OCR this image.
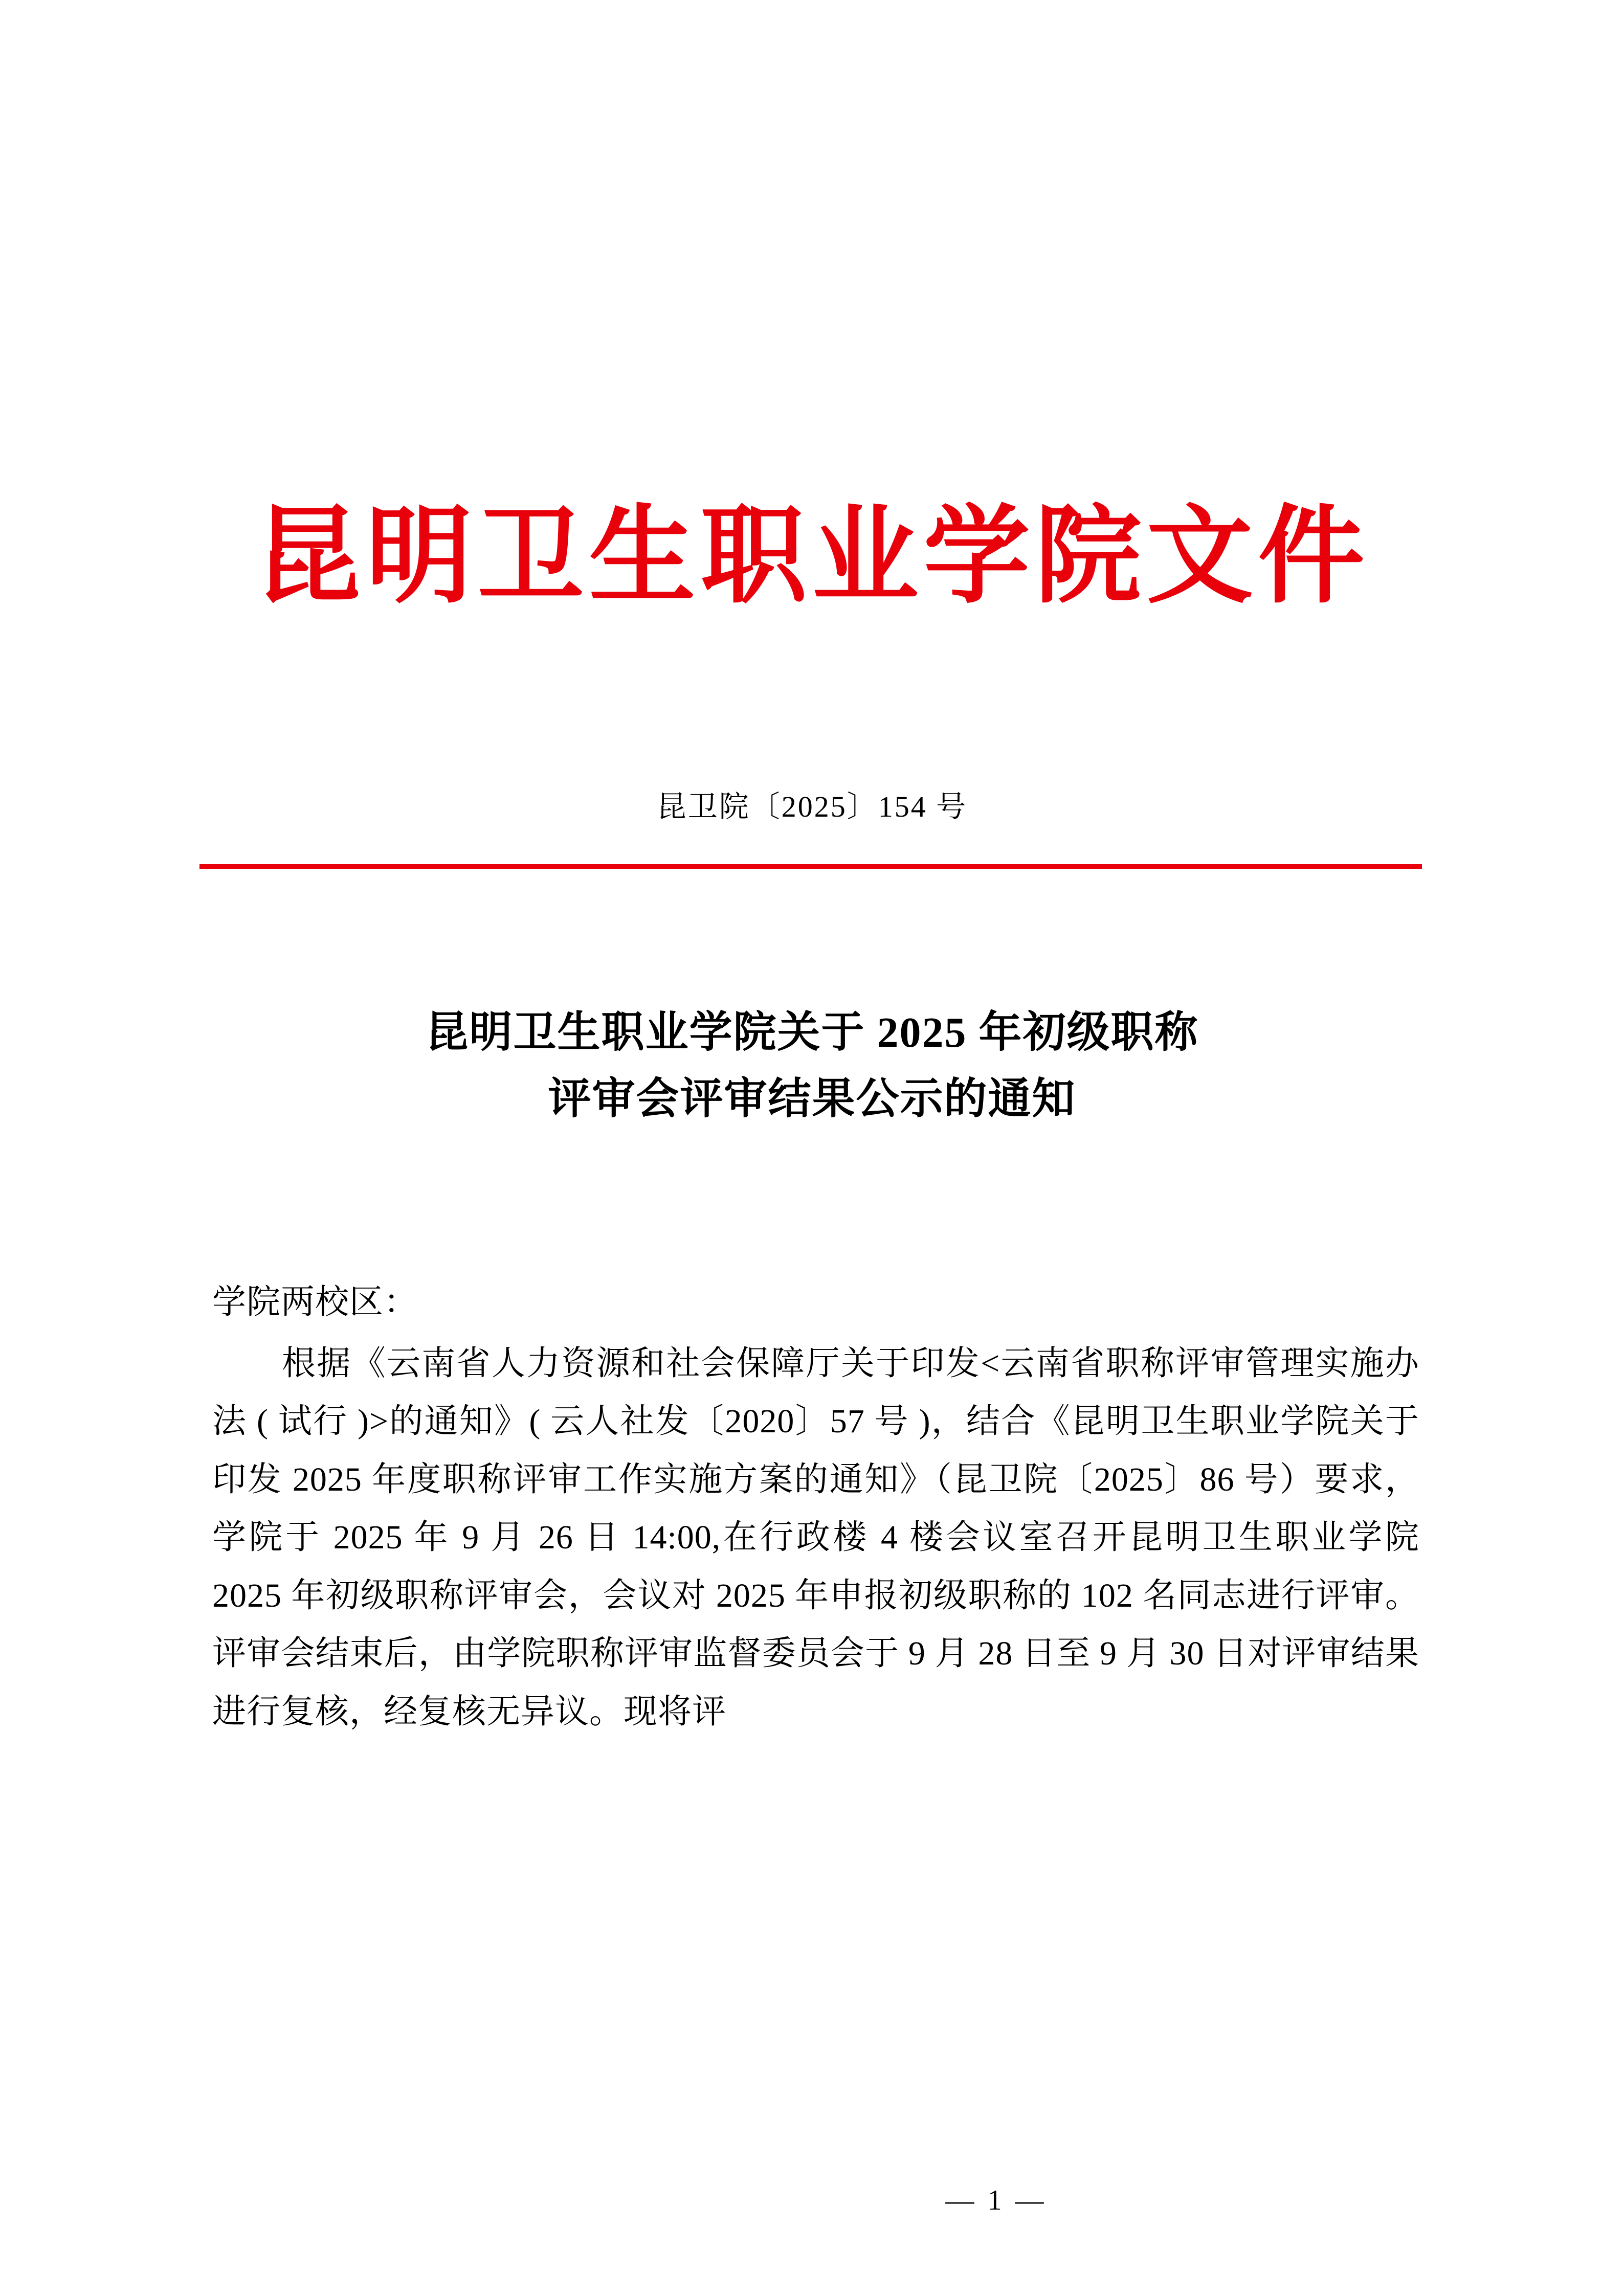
昆明卫生职业学院文件
昆卫院〔2025〕154 号
昆明卫生职业学院关于 2025 年初级职称
评审会评审结果公示的通知

学院两校区：

根据《云南省人力资源和社会保障厅关于印发<云南省职称评审管理实施办法 ( 试行 )>的通知》( 云人社发〔2020〕57 号 )，结合《昆明卫生职业学院关于印发 2025 年度职称评审工作实施方案的通知》（昆卫院〔2025〕86 号）要求，学院于 2025 年 9 月 26 日 14:00,在行政楼 4 楼会议室召开昆明卫生职业学院 2025 年初级职称评审会，会议对 2025 年申报初级职称的 102 名同志进行评审。评审会结束后，由学院职称评审监督委员会于 9 月 28 日至 9 月 30 日对评审结果进行复核，经复核无异议。现将评

— 1 —
